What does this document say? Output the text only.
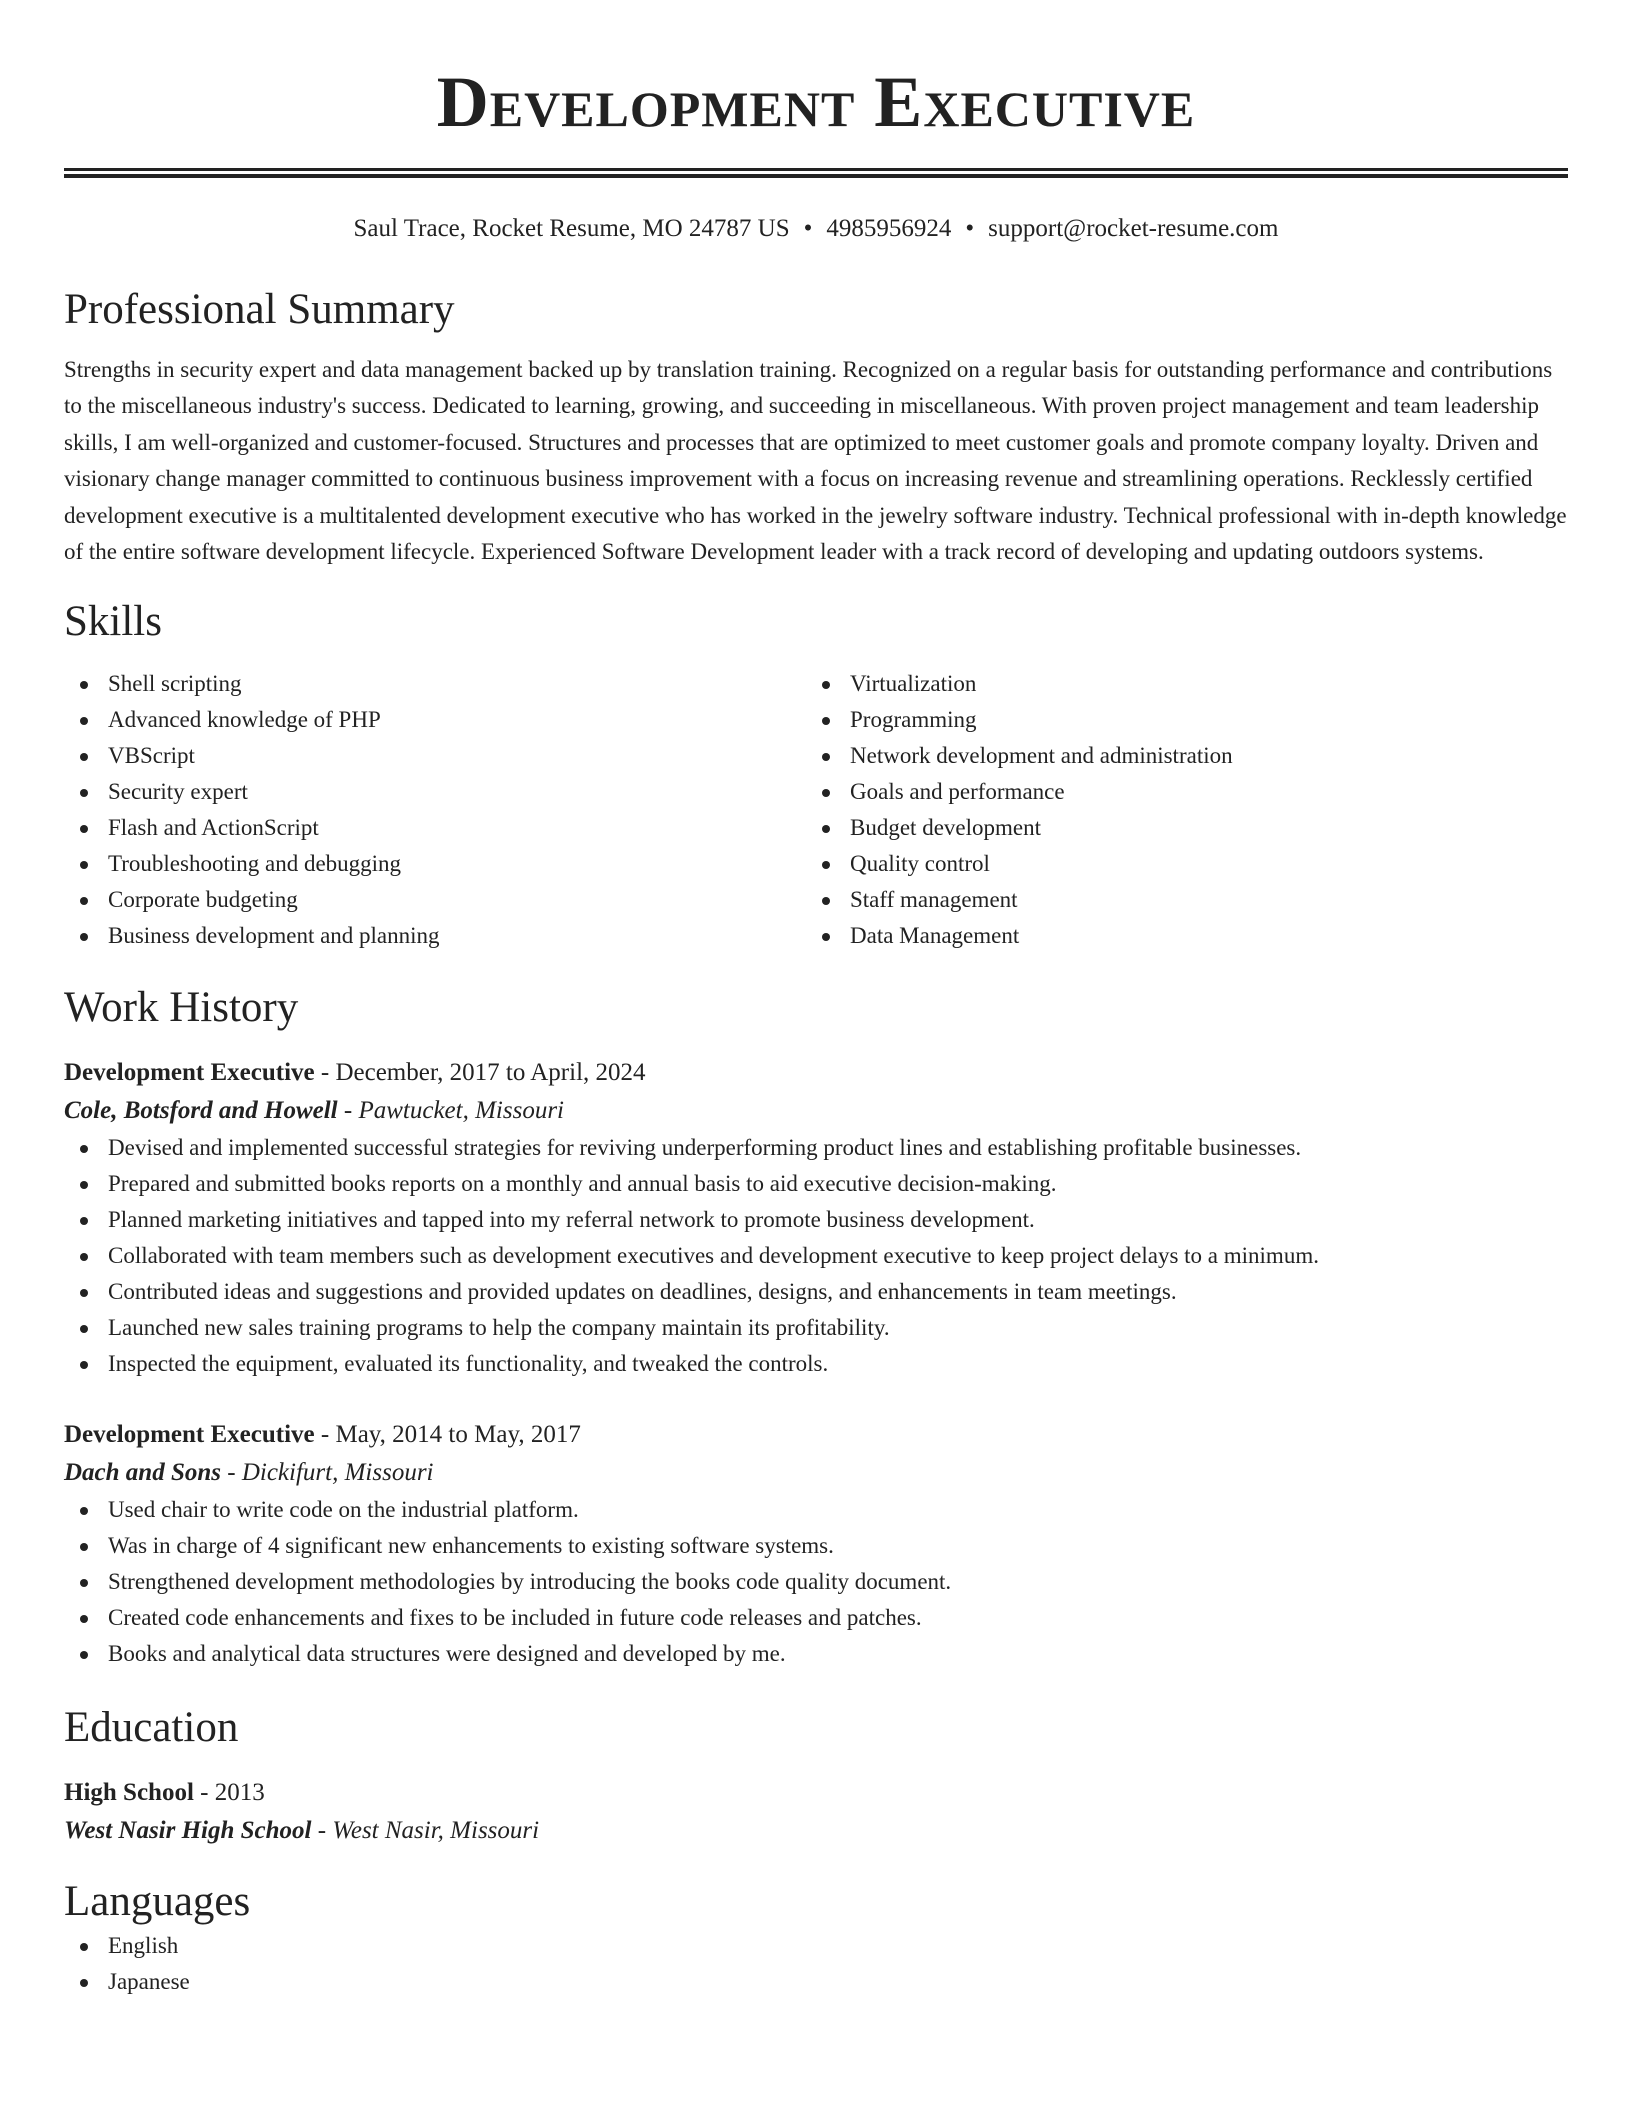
Development Executive
Saul Trace, Rocket Resume, MO 24787 US • 4985956924 • support@rocket-resume.com
Professional Summary

Strengths in security expert and data management backed up by translation training. Recognized on a regular basis for outstanding performance and contributions to the miscellaneous industry's success. Dedicated to learning, growing, and succeeding in miscellaneous. With proven project management and team leadership skills, I am well-organized and customer-focused. Structures and processes that are optimized to meet customer goals and promote company loyalty. Driven and visionary change manager committed to continuous business improvement with a focus on increasing revenue and streamlining operations. Recklessly certified development executive is a multitalented development executive who has worked in the jewelry software industry. Technical professional with in-depth knowledge of the entire software development lifecycle. Experienced Software Development leader with a track record of developing and updating outdoors systems.

Skills
Shell scripting
Advanced knowledge of PHP
VBScript
Security expert
Flash and ActionScript
Troubleshooting and debugging
Corporate budgeting
Business development and planning
Virtualization
Programming
Network development and administration
Goals and performance
Budget development
Quality control
Staff management
Data Management
Work History
Development Executive - December, 2017 to April, 2024
Cole, Botsford and Howell - Pawtucket, Missouri
Devised and implemented successful strategies for reviving underperforming product lines and establishing profitable businesses.
Prepared and submitted books reports on a monthly and annual basis to aid executive decision-making.
Planned marketing initiatives and tapped into my referral network to promote business development.
Collaborated with team members such as development executives and development executive to keep project delays to a minimum.
Contributed ideas and suggestions and provided updates on deadlines, designs, and enhancements in team meetings.
Launched new sales training programs to help the company maintain its profitability.
Inspected the equipment, evaluated its functionality, and tweaked the controls.
Development Executive - May, 2014 to May, 2017
Dach and Sons - Dickifurt, Missouri
Used chair to write code on the industrial platform.
Was in charge of 4 significant new enhancements to existing software systems.
Strengthened development methodologies by introducing the books code quality document.
Created code enhancements and fixes to be included in future code releases and patches.
Books and analytical data structures were designed and developed by me.
Education
High School - 2013
West Nasir High School - West Nasir, Missouri
Languages
English
Japanese
